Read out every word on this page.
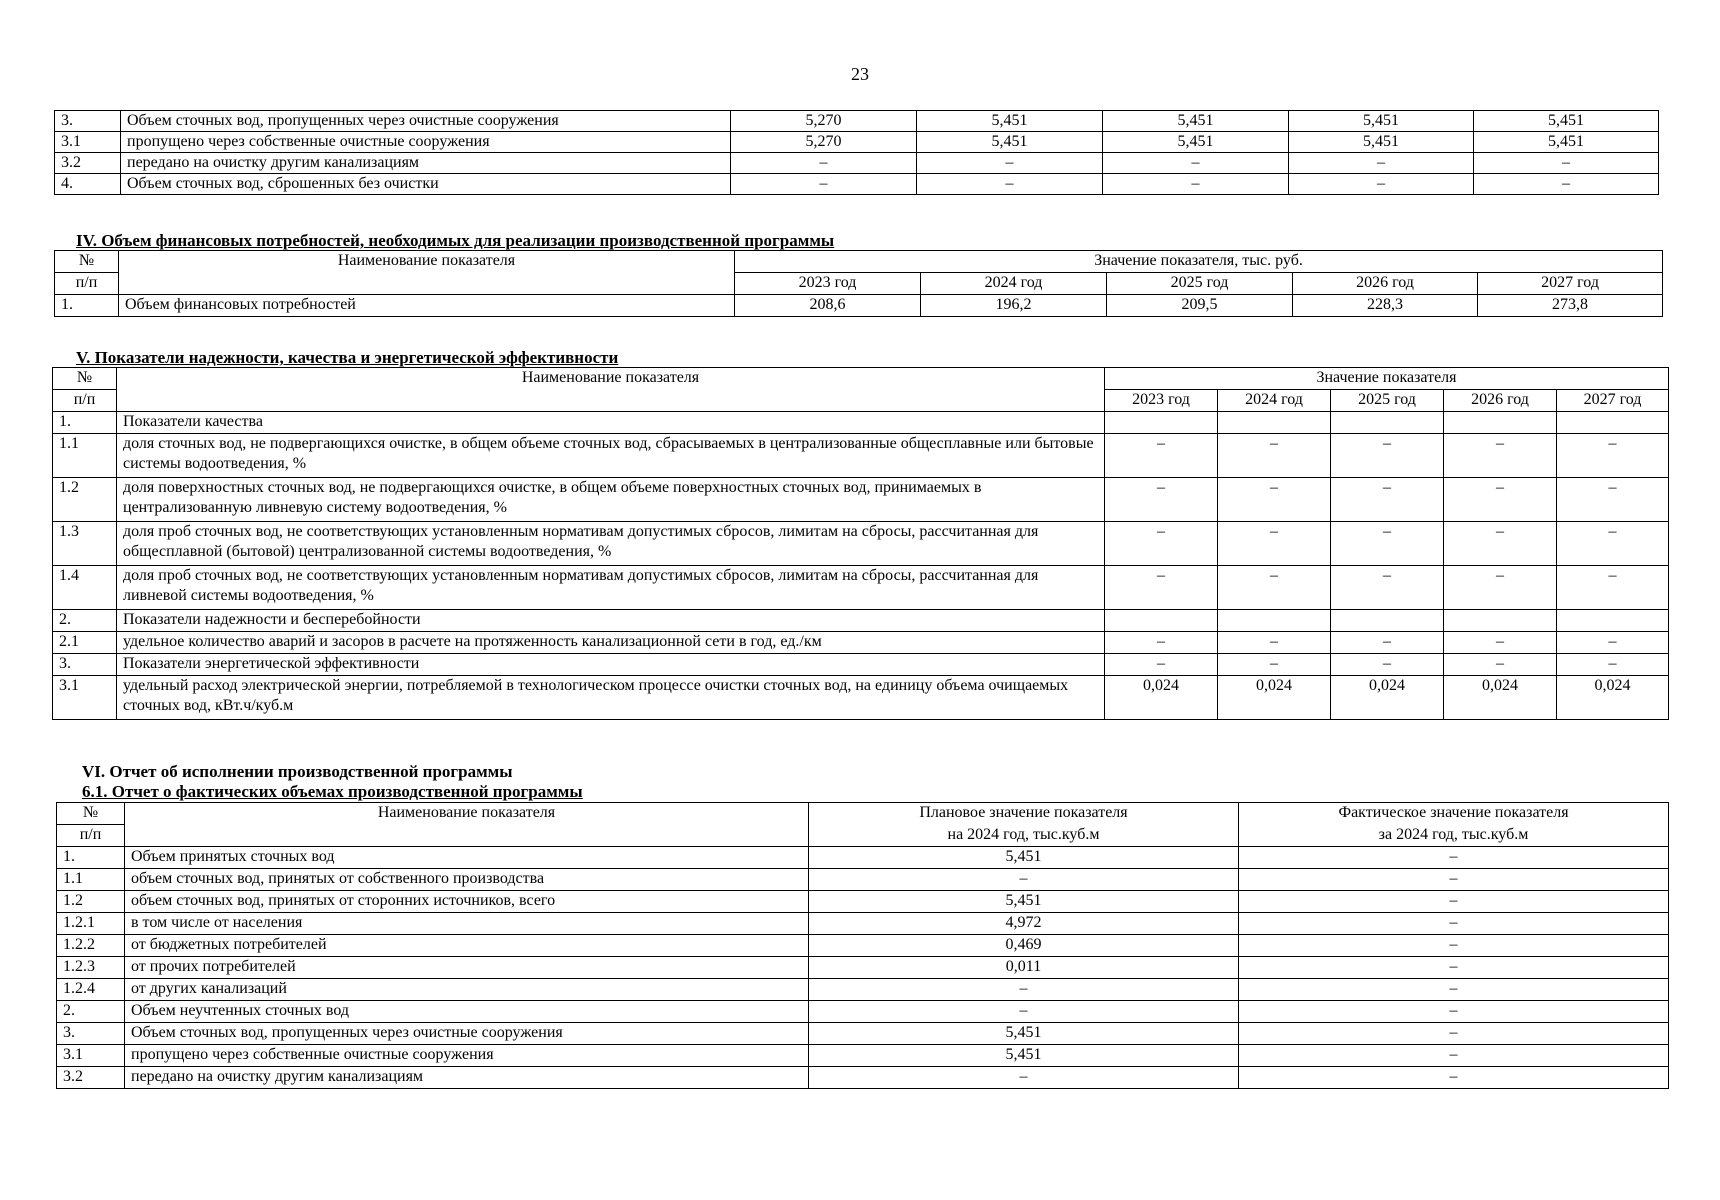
23
3.	Объем сточных вод, пропущенных через очистные сооружения	5,270	5,451	5,451	5,451	5,451
3.1	пропущено через собственные очистные сооружения	5,270	5,451	5,451	5,451	5,451
3.2	передано на очистку другим канализациям	–	–	–	–	–
4.	Объем сточных вод, сброшенных без очистки	–	–	–	–	–
IV. Объем финансовых потребностей, необходимых для реализации производственной программы
№	Наименование показателя	Значение показателя, тыс. руб.				
п/п		2023 год	2024 год	2025 год	2026 год	2027 год
1.	Объем финансовых потребностей	208,6	196,2	209,5	228,3	273,8
V. Показатели надежности, качества и энергетической эффективности
№	Наименование показателя	Значение показателя				
п/п		2023 год	2024 год	2025 год	2026 год	2027 год
1.	Показатели качества					
1.1	доля сточных вод, не подвергающихся очистке, в общем объеме сточных вод, сбрасываемых в централизованные общесплавные или бытовые системы водоотведения, %	–	–	–	–	–
1.2	доля поверхностных сточных вод, не подвергающихся очистке, в общем объеме поверхностных сточных вод, принимаемых в централизованную ливневую систему водоотведения, %	–	–	–	–	–
1.3	доля проб сточных вод, не соответствующих установленным нормативам допустимых сбросов, лимитам на сбросы, рассчитанная для общесплавной (бытовой) централизованной системы водоотведения, %	–	–	–	–	–
1.4	доля проб сточных вод, не соответствующих установленным нормативам допустимых сбросов, лимитам на сбросы, рассчитанная для ливневой системы водоотведения, %	–	–	–	–	–
2.	Показатели надежности и бесперебойности					
2.1	удельное количество аварий и засоров в расчете на протяженность канализационной сети в год, ед./км	–	–	–	–	–
3.	Показатели энергетической эффективности	–	–	–	–	–
3.1	удельный расход электрической энергии, потребляемой в технологическом процессе очистки сточных вод, на единицу объема очищаемых сточных вод, кВт.ч/куб.м	0,024	0,024	0,024	0,024	0,024
VI. Отчет об исполнении производственной программы
6.1. Отчет о фактических объемах производственной программы
№	Наименование показателя	Плановое значение показателя	Фактическое значение показателя
п/п		на 2024 год, тыс.куб.м	за 2024 год, тыс.куб.м
1.	Объем принятых сточных вод	5,451	–
1.1	объем сточных вод, принятых от собственного производства	–	–
1.2	объем сточных вод, принятых от сторонних источников, всего	5,451	–
1.2.1	в том числе от населения	4,972	–
1.2.2	от бюджетных потребителей	0,469	–
1.2.3	от прочих потребителей	0,011	–
1.2.4	от других канализаций	–	–
2.	Объем неучтенных сточных вод	–	–
3.	Объем сточных вод, пропущенных через очистные сооружения	5,451	–
3.1	пропущено через собственные очистные сооружения	5,451	–
3.2	передано на очистку другим канализациям	–	–
